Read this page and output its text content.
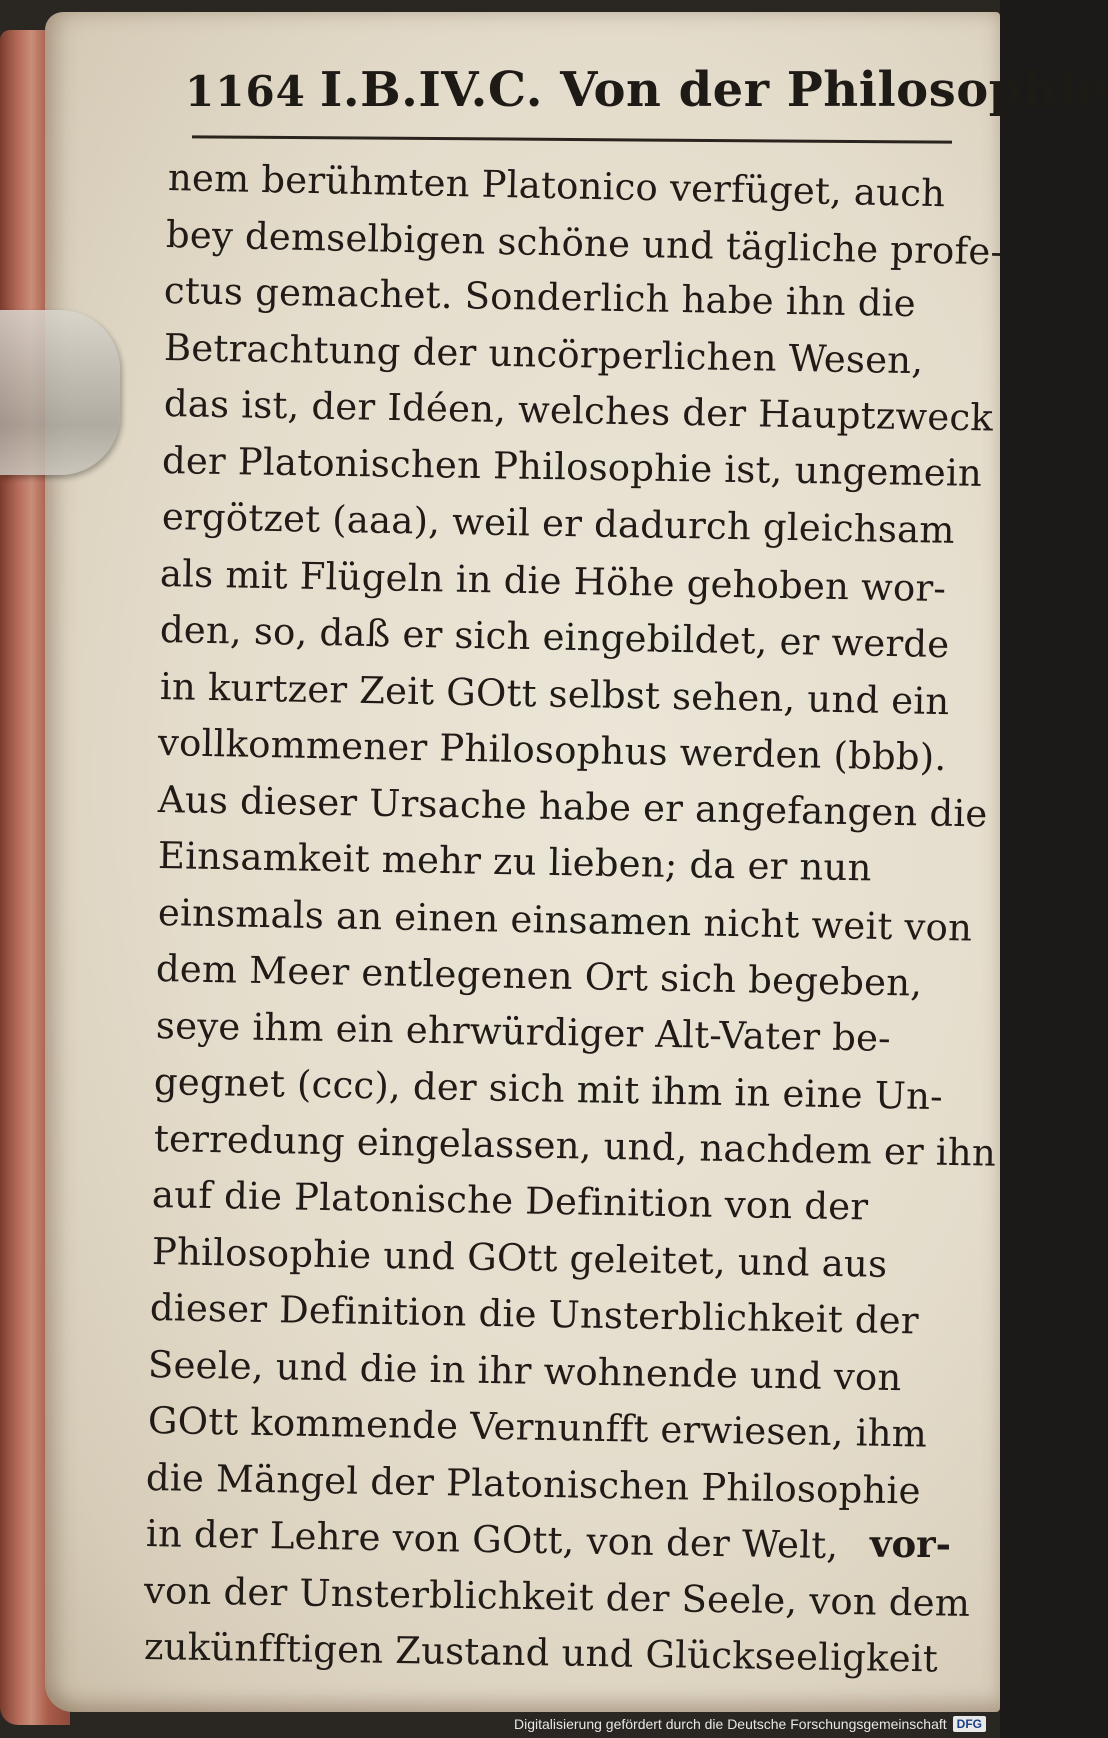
1164 I.B.IV.C. Von der Philosophie
nem berühmten Platonico verfüget, auch
bey demselbigen schöne und tägliche profe-
ctus gemachet. Sonderlich habe ihn die
Betrachtung der uncörperlichen Wesen,
das ist, der Idéen, welches der Hauptzweck
der Platonischen Philosophie ist, ungemein
ergötzet (aaa), weil er dadurch gleichsam
als mit Flügeln in die Höhe gehoben wor-
den, so, daß er sich eingebildet, er werde
in kurtzer Zeit GOtt selbst sehen, und ein
vollkommener Philosophus werden (bbb).
Aus dieser Ursache habe er angefangen die
Einsamkeit mehr zu lieben; da er nun
einsmals an einen einsamen nicht weit von
dem Meer entlegenen Ort sich begeben,
seye ihm ein ehrwürdiger Alt-Vater be-
gegnet (ccc), der sich mit ihm in eine Un-
terredung eingelassen, und, nachdem er ihn
auf die Platonische Definition von der
Philosophie und GOtt geleitet, und aus
dieser Definition die Unsterblichkeit der
Seele, und die in ihr wohnende und von
GOtt kommende Vernunfft erwiesen, ihm
die Mängel der Platonischen Philosophie
in der Lehre von GOtt, von der Welt,
von der Unsterblichkeit der Seele, von dem
zukünfftigen Zustand und Glückseeligkeit
vor-
Digitalisierung gefördert durch die Deutsche Forschungsgemeinschaft DFG
